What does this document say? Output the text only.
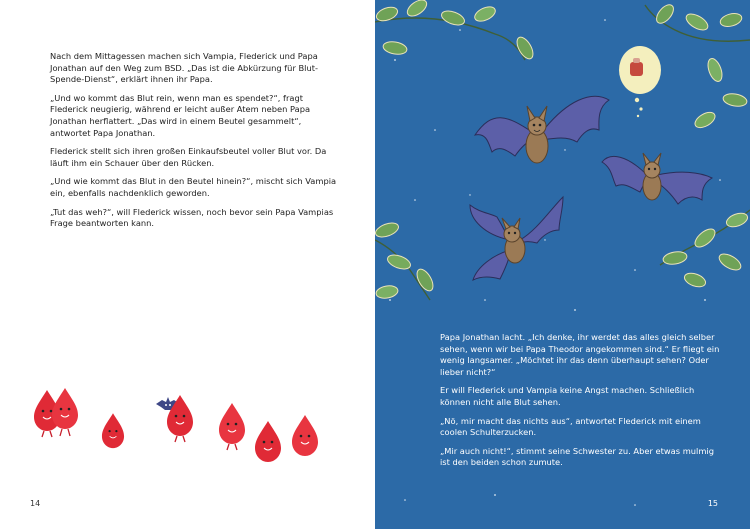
Nach dem Mittagessen machen sich Vampia, Flederick und Papa Jonathan auf den Weg zum BSD. „Das ist die Abkürzung für Blut-Spende-Dienst“, erklärt ihnen ihr Papa.

„Und wo kommt das Blut rein, wenn man es spendet?“, fragt Flederick neugierig, während er leicht außer Atem neben Papa Jonathan herflattert. „Das wird in einem Beutel gesammelt“, antwortet Papa Jonathan.

Flederick stellt sich ihren großen Einkaufsbeutel voller Blut vor. Da läuft ihm ein Schauer über den Rücken.

„Und wie kommt das Blut in den Beutel hinein?“, mischt sich Vampia ein, ebenfalls nachdenklich geworden.

„Tut das weh?“, will Flederick wissen, noch bevor sein Papa Vampias Frage beantworten kann.

14

Papa Jonathan lacht. „Ich denke, ihr werdet das alles gleich selber sehen, wenn wir bei Papa Theodor angekommen sind.“ Er fliegt ein wenig langsamer. „Möchtet ihr das denn überhaupt sehen? Oder lieber nicht?“

Er will Flederick und Vampia keine Angst machen. Schließlich können nicht alle Blut sehen.

„Nö, mir macht das nichts aus“, antwortet Flederick mit einem coolen Schulterzucken.

„Mir auch nicht!“, stimmt seine Schwester zu. Aber etwas mulmig ist den beiden schon zumute.

15
